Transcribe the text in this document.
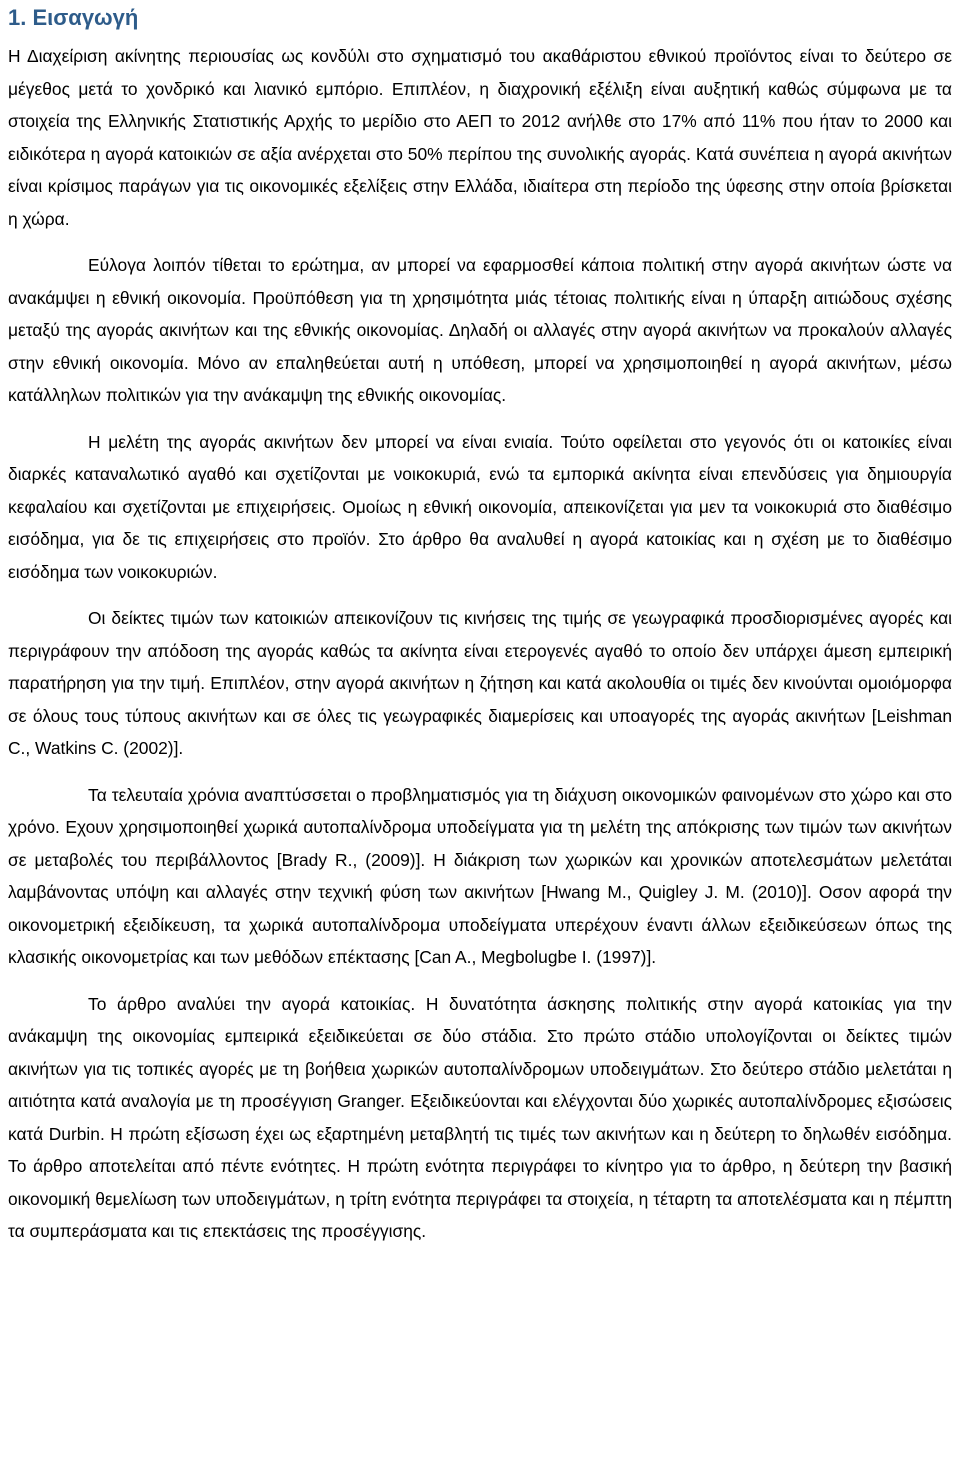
1. Εισαγωγή

Η Διαχείριση ακίνητης περιουσίας ως κονδύλι στο σχηματισμό του ακαθάριστου εθνικού προϊόντος είναι το δεύτερο σε μέγεθος μετά το χονδρικό και λιανικό εμπόριο. Επιπλέον, η διαχρονική εξέλιξη είναι αυξητική καθώς σύμφωνα με τα στοιχεία της Ελληνικής Στατιστικής Αρχής το μερίδιο στο ΑΕΠ το 2012 ανήλθε στο 17% από 11% που ήταν το 2000 και ειδικότερα η αγορά κατοικιών σε αξία ανέρχεται στο 50% περίπου της συνολικής αγοράς. Κατά συνέπεια η αγορά ακινήτων είναι κρίσιμος παράγων για τις οικονομικές εξελίξεις στην Ελλάδα, ιδιαίτερα στη περίοδο της ύφεσης στην οποία βρίσκεται η χώρα.

Εύλογα λοιπόν τίθεται το ερώτημα, αν μπορεί να εφαρμοσθεί κάποια πολιτική στην αγορά ακινήτων ώστε να ανακάμψει η εθνική οικονομία. Προϋπόθεση για τη χρησιμότητα μιάς τέτοιας πολιτικής είναι η ύπαρξη αιτιώδους σχέσης μεταξύ της αγοράς ακινήτων και της εθνικής οικονομίας. Δηλαδή οι αλλαγές στην αγορά ακινήτων να προκαλούν αλλαγές στην εθνική οικονομία. Μόνο αν επαληθεύεται αυτή η υπόθεση, μπορεί να χρησιμοποιηθεί η αγορά ακινήτων, μέσω κατάλληλων πολιτικών για την ανάκαμψη της εθνικής οικονομίας.

Η μελέτη της αγοράς ακινήτων δεν μπορεί να είναι ενιαία. Τούτο οφείλεται στο γεγονός ότι οι κατοικίες είναι διαρκές καταναλωτικό αγαθό και σχετίζονται με νοικοκυριά, ενώ τα εμπορικά ακίνητα είναι επενδύσεις για δημιουργία κεφαλαίου και σχετίζονται με επιχειρήσεις. Ομοίως η εθνική οικονομία, απεικονίζεται για μεν τα νοικοκυριά στο διαθέσιμο εισόδημα, για δε τις επιχειρήσεις στο προϊόν. Στο άρθρο θα αναλυθεί η αγορά κατοικίας και η σχέση με το διαθέσιμο εισόδημα των νοικοκυριών.

Οι δείκτες τιμών των κατοικιών απεικονίζουν τις κινήσεις της τιμής σε γεωγραφικά προσδιορισμένες αγορές και περιγράφουν την απόδοση της αγοράς καθώς τα ακίνητα είναι ετερογενές αγαθό το οποίο δεν υπάρχει άμεση εμπειρική παρατήρηση για την τιμή. Επιπλέον, στην αγορά ακινήτων η ζήτηση και κατά ακολουθία οι τιμές δεν κινούνται ομοιόμορφα σε όλους τους τύπους ακινήτων και σε όλες τις γεωγραφικές διαμερίσεις και υποαγορές της αγοράς ακινήτων [Leishman C., Watkins C. (2002)].

Τα τελευταία χρόνια αναπτύσσεται ο προβληματισμός για τη διάχυση οικονομικών φαινομένων στο χώρο και στο χρόνο. Εχουν χρησιμοποιηθεί χωρικά αυτοπαλίνδρομα υποδείγματα για τη μελέτη της απόκρισης των τιμών των ακινήτων σε μεταβολές του περιβάλλοντος [Brady R., (2009)]. Η διάκριση των χωρικών και χρονικών αποτελεσμάτων μελετάται λαμβάνοντας υπόψη και αλλαγές στην τεχνική φύση των ακινήτων [Hwang M., Quigley J. M. (2010)]. Οσον αφορά την οικονομετρική εξειδίκευση, τα χωρικά αυτοπαλίνδρομα υποδείγματα υπερέχουν έναντι άλλων εξειδικεύσεων όπως της κλασικής οικονομετρίας και των μεθόδων επέκτασης [Can A., Megbolugbe I. (1997)].

Το άρθρο αναλύει την αγορά κατοικίας. Η δυνατότητα άσκησης πολιτικής στην αγορά κατοικίας για την ανάκαμψη της οικονομίας εμπειρικά εξειδικεύεται σε δύο στάδια. Στο πρώτο στάδιο υπολογίζονται οι δείκτες τιμών ακινήτων για τις τοπικές αγορές με τη βοήθεια χωρικών αυτοπαλίνδρομων υποδειγμάτων. Στο δεύτερο στάδιο μελετάται η αιτιότητα κατά αναλογία με τη προσέγγιση Granger. Εξειδικεύονται και ελέγχονται δύο χωρικές αυτοπαλίνδρομες εξισώσεις κατά Durbin. Η πρώτη εξίσωση έχει ως εξαρτημένη μεταβλητή τις τιμές των ακινήτων και η δεύτερη το δηλωθέν εισόδημα. Το άρθρο αποτελείται από πέντε ενότητες. Η πρώτη ενότητα περιγράφει το κίνητρο για το άρθρο, η δεύτερη την βασική οικονομική θεμελίωση των υποδειγμάτων, η τρίτη ενότητα περιγράφει τα στοιχεία, η τέταρτη τα αποτελέσματα και η πέμπτη τα συμπεράσματα και τις επεκτάσεις της προσέγγισης.
